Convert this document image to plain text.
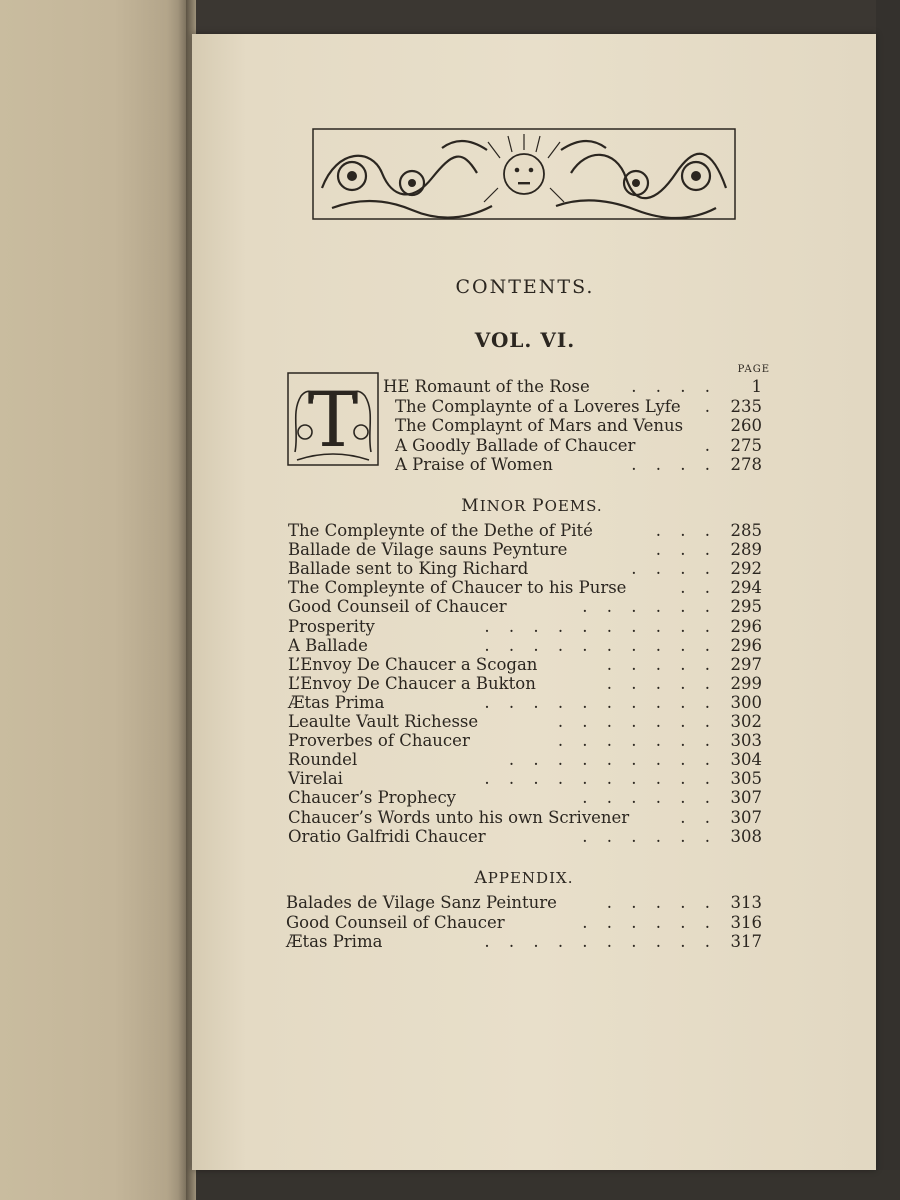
CONTENTS.
VOL. VI.
PAGE
T HE Romaunt of the Rose	. . . .	1
The Complaynte of a Loveres Lyfe .	235
The Complaynt of Mars and Venus	260
A Goodly Ballade of Chaucer	.	275
A Praise of Women	. . . .	278
MINOR POEMS.
The Compleynte of the Dethe of Pité	. . .	285
Ballade de Vilage sauns Peynture	. . .	289
Ballade sent to King Richard	. . . .	292
The Compleynte of Chaucer to his Purse	. .	294
Good Counseil of Chaucer	. . . . . .	295
Prosperity	. . . . . . . . . .	296
A Ballade	. . . . . . . . . .	296
L’Envoy De Chaucer a Scogan	. . . . .	297
L’Envoy De Chaucer a Bukton	. . . . .	299
Ætas Prima	. . . . . . . . . .	300
Leaulte Vault Richesse	. . . . . . .	302
Proverbes of Chaucer	. . . . . . .	303
Roundel	. . . . . . . . .	304
Virelai	. . . . . . . . . .	305
Chaucer’s Prophecy	. . . . . .	307
Chaucer’s Words unto his own Scrivener	. .	307
Oratio Galfridi Chaucer	. . . . . .	308
APPENDIX.
Balades de Vilage Sanz Peinture	. . . . .	313
Good Counseil of Chaucer	. . . . . .	316
Ætas Prima	. . . . . . . . . .	317
